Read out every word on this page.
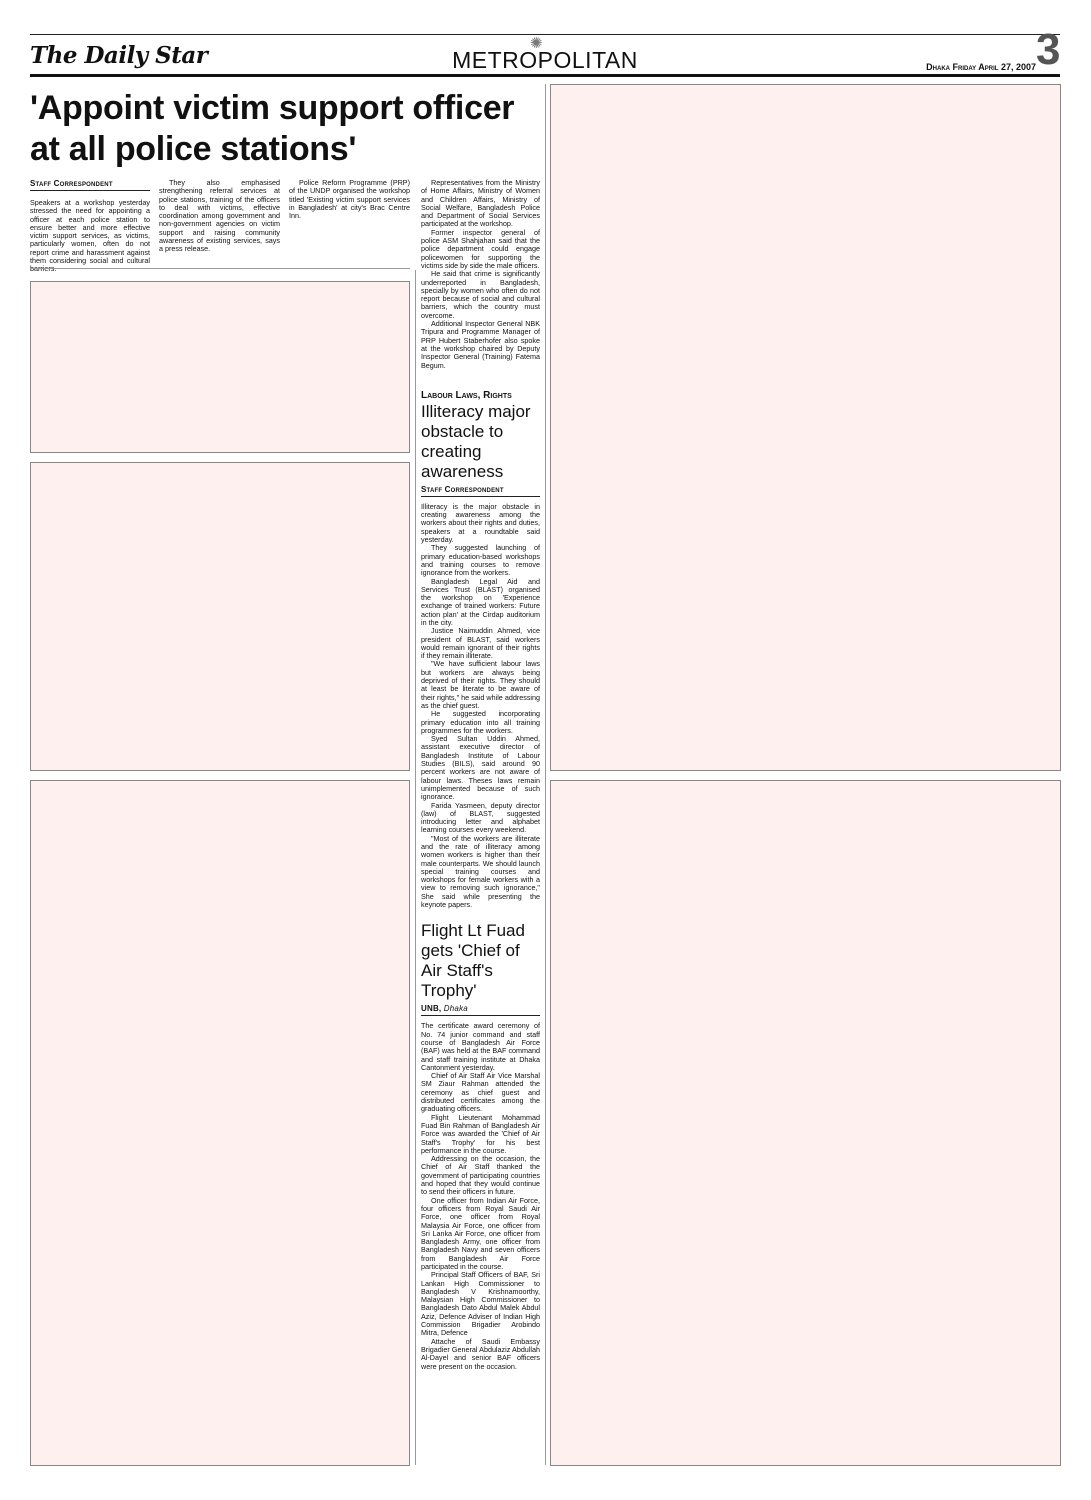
The Daily Star	✺
METROPOLITAN	Dhaka Friday April 27, 2007 3
'Appoint victim support officer at all police stations'
Staff Correspondent

Speakers at a workshop yesterday stressed the need for appointing a officer at each police station to ensure better and more effective victim support services, as victims, particularly women, often do not report crime and harassment against them considering social and cultural

They also emphasised strengthening referral services at police stations, training of the officers to deal with victims, effective coordination among government and non-government agencies on victim support and raising community awareness of existing services, says a press release.

Police Reform Programme (PRP) of the UNDP organised the workshop titled 'Existing victim support services in Bangladesh' at city's Brac Centre Inn.

Representatives from the Ministry of Home Affairs, Ministry of Women and Children Affairs, Ministry of Social Welfare, Bangladesh Police and Department of Social Services participated at the workshop.

Former inspector general of police ASM Shahjahan said that the police department could engage policewomen for supporting the victims side by side the male officers.

He said that crime is significantly underreported in Bangladesh, specially by women who often do not report because of social and cultural barriers, which the country must overcome.

Additional Inspector General NBK Tripura and Programme Manager of PRP Hubert Staberhofer also spoke at the workshop chaired by Deputy Inspector General (Training) Fatema Begum.

Labour Laws, Rights
Illiteracy major obstacle to creating awareness
Staff Correspondent

Illiteracy is the major obstacle in creating awareness among the workers about their rights and duties, speakers at a roundtable said yesterday.

They suggested launching of primary education-based workshops and training courses to remove ignorance from the workers.

Bangladesh Legal Aid and Services Trust (BLAST) organised the workshop on 'Experience exchange of trained workers: Future action plan' at the Cirdap auditorium in the city.

Justice Naimuddin Ahmed, vice president of BLAST, said workers would remain ignorant of their rights if they remain illiterate.

"We have sufficient labour laws but workers are always being deprived of their rights. They should at least be literate to be aware of their rights," he said while addressing as the chief guest.

He suggested incorporating primary education into all training programmes for the workers.

Syed Sultan Uddin Ahmed, assistant executive director of Bangladesh Institute of Labour Studies (BILS), said around 90 percent workers are not aware of labour laws. Theses laws remain unimplemented because of such ignorance.

Farida Yasmeen, deputy director (law) of BLAST, suggested introducing letter and alphabet learning courses every weekend.

"Most of the workers are illiterate and the rate of illiteracy among women workers is higher than their male counterparts. We should launch special training courses and workshops for female workers with a view to removing such ignorance," She said while presenting the keynote papers.

Flight Lt Fuad gets 'Chief of Air Staff's Trophy'
UNB, Dhaka

The certificate award ceremony of No. 74 junior command and staff course of Bangladesh Air Force (BAF) was held at the BAF command and staff training institute at Dhaka Cantonment yesterday.

Chief of Air Staff Air Vice Marshal SM Ziaur Rahman attended the ceremony as chief guest and distributed certificates among the graduating officers.

Flight Lieutenant Mohammad Fuad Bin Rahman of Bangladesh Air Force was awarded the 'Chief of Air Staff's Trophy' for his best performance in the course.

Addressing on the occasion, the Chief of Air Staff thanked the government of participating countries and hoped that they would continue to send their officers in future.

One officer from Indian Air Force, four officers from Royal Saudi Air Force, one officer from Royal Malaysia Air Force, one officer from Sri Lanka Air Force, one officer from Bangladesh Army, one officer from Bangladesh Navy and seven officers from Bangladesh Air Force participated in the course.

Principal Staff Officers of BAF, Sri Lankan High Commissioner to Bangladesh V Krishnamoorthy, Malaysian High Commissioner to Bangladesh Dato Abdul Malek Abdul Aziz, Defence Adviser of Indian High Commission Brigadier Arobindo Mitra, Defence

Attache of Saudi Embassy Brigadier General Abdulaziz Abdullah Al-Dayel and senior BAF officers were present on the occasion.
